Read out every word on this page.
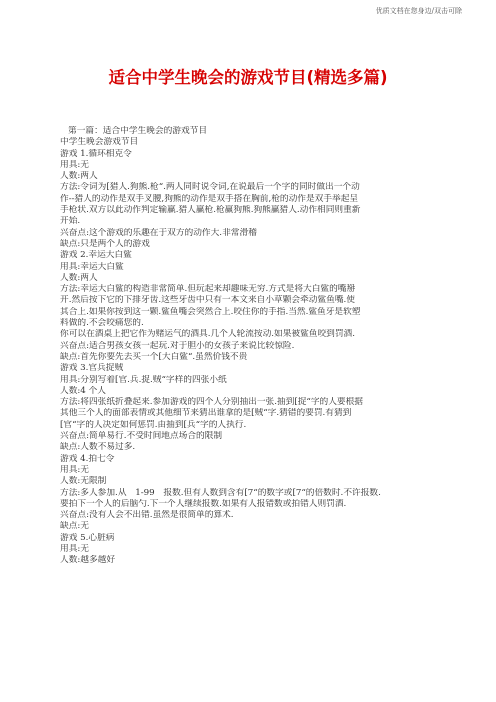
优质文档在您身边/双击可除
适合中学生晚会的游戏节目(精选多篇)
第一篇：适合中学生晚会的游戏节目
中学生晚会游戏节目
游戏 1.循环相克令
用具:无
人数:两人
方法:令词为[猎人.狗熊.枪“.两人同时说令词,在说最后一个字的同时做出一个动
作--猎人的动作是双手叉腰,狗熊的动作是双手搭在胸前,枪的动作是双手举起呈
手枪状.双方以此动作判定输赢.猎人赢枪.枪赢狗熊.狗熊赢猎人.动作相同则重新
开始.
兴奋点:这个游戏的乐趣在于双方的动作大.非常滑稽
缺点:只是两个人的游戏
游戏 2.幸运大白鲨
用具:幸运大白鲨
人数:两人
方法:幸运大白鲨的构造非常简单.但玩起来却趣味无穷.方式是将大白鲨的嘴掰
开.然后按下它的下排牙齿.这些牙齿中只有一本文来自小草颗会牵动鲨鱼嘴.使
其合上.如果你按到这一颗.鲨鱼嘴会突然合上.咬住你的手指.当然.鲨鱼牙是软塑
料做的.不会咬痛您的.
你可以在酒桌上把它作为赌运气的酒具.几个人轮流按动.如果被鲨鱼咬到罚酒.
兴奋点:适合男孩女孩一起玩.对于胆小的女孩子来说比较惊险.
缺点:首先你要先去买一个[大白鲨“.虽然价钱不贵
游戏 3.官兵捉贼
用具:分别写着[官.兵.捉.贼“字样的四张小纸
人数:4 个人
方法:将四张纸折叠起来.参加游戏的四个人分别抽出一张.抽到[捉“字的人要根据
其他三个人的面部表情或其他细节来猜出谁拿的是[贼“字.猜错的要罚.有猜到
[官“字的人决定如何惩罚.由抽到[兵“字的人执行.
兴奋点:简单易行.不受时间地点场合的限制
缺点:人数不易过多.
游戏 4.拍七令
用具:无
人数:无限制
方法:多人参加.从　1-99　报数.但有人数到含有[7“的数字或[7“的倍数时.不许报数.
要拍下一个人的后脑勺.下一个人继续报数.如果有人报错数或拍错人则罚酒.
兴奋点:没有人会不出错.虽然是很简单的算术.
缺点:无
游戏 5.心脏病
用具:无
人数:越多越好
